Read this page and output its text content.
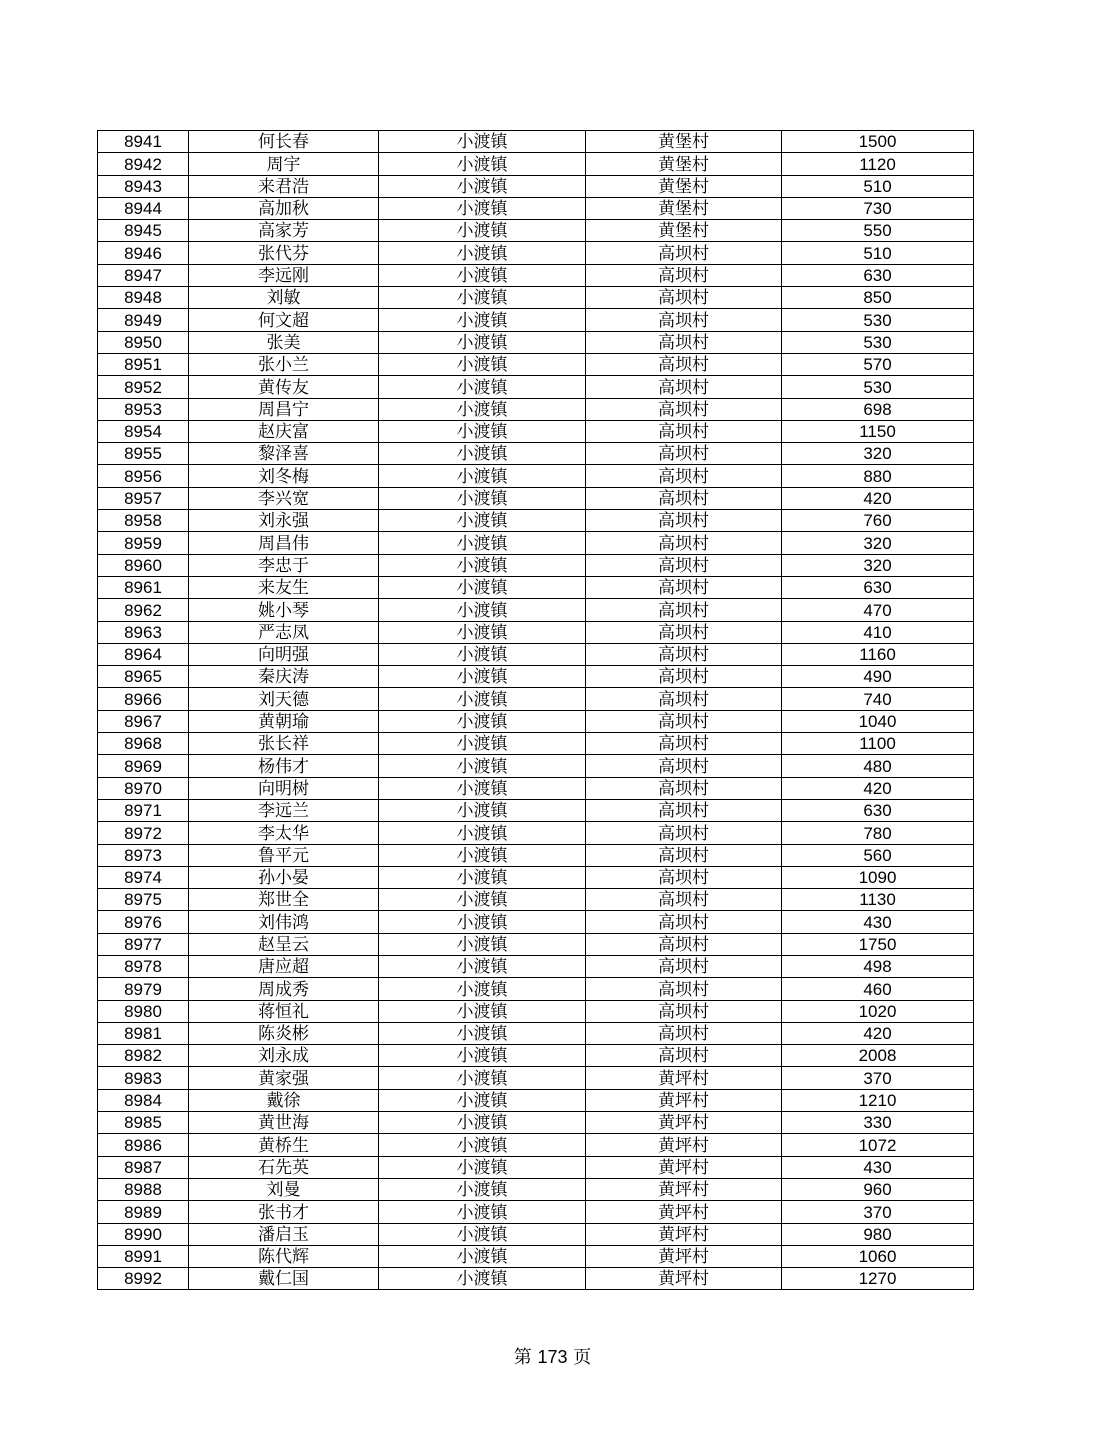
8941	何长春	小渡镇	黄堡村	1500
8942	周宇	小渡镇	黄堡村	1120
8943	来君浩	小渡镇	黄堡村	510
8944	高加秋	小渡镇	黄堡村	730
8945	高家芳	小渡镇	黄堡村	550
8946	张代芬	小渡镇	高坝村	510
8947	李远刚	小渡镇	高坝村	630
8948	刘敏	小渡镇	高坝村	850
8949	何文超	小渡镇	高坝村	530
8950	张美	小渡镇	高坝村	530
8951	张小兰	小渡镇	高坝村	570
8952	黄传友	小渡镇	高坝村	530
8953	周昌宁	小渡镇	高坝村	698
8954	赵庆富	小渡镇	高坝村	1150
8955	黎泽喜	小渡镇	高坝村	320
8956	刘冬梅	小渡镇	高坝村	880
8957	李兴宽	小渡镇	高坝村	420
8958	刘永强	小渡镇	高坝村	760
8959	周昌伟	小渡镇	高坝村	320
8960	李忠于	小渡镇	高坝村	320
8961	来友生	小渡镇	高坝村	630
8962	姚小琴	小渡镇	高坝村	470
8963	严志凤	小渡镇	高坝村	410
8964	向明强	小渡镇	高坝村	1160
8965	秦庆涛	小渡镇	高坝村	490
8966	刘天德	小渡镇	高坝村	740
8967	黄朝瑜	小渡镇	高坝村	1040
8968	张长祥	小渡镇	高坝村	1100
8969	杨伟才	小渡镇	高坝村	480
8970	向明树	小渡镇	高坝村	420
8971	李远兰	小渡镇	高坝村	630
8972	李太华	小渡镇	高坝村	780
8973	鲁平元	小渡镇	高坝村	560
8974	孙小晏	小渡镇	高坝村	1090
8975	郑世全	小渡镇	高坝村	1130
8976	刘伟鸿	小渡镇	高坝村	430
8977	赵呈云	小渡镇	高坝村	1750
8978	唐应超	小渡镇	高坝村	498
8979	周成秀	小渡镇	高坝村	460
8980	蒋恒礼	小渡镇	高坝村	1020
8981	陈炎彬	小渡镇	高坝村	420
8982	刘永成	小渡镇	高坝村	2008
8983	黄家强	小渡镇	黄坪村	370
8984	戴徐	小渡镇	黄坪村	1210
8985	黄世海	小渡镇	黄坪村	330
8986	黄桥生	小渡镇	黄坪村	1072
8987	石先英	小渡镇	黄坪村	430
8988	刘曼	小渡镇	黄坪村	960
8989	张书才	小渡镇	黄坪村	370
8990	潘启玉	小渡镇	黄坪村	980
8991	陈代辉	小渡镇	黄坪村	1060
8992	戴仁国	小渡镇	黄坪村	1270
第 173 页
